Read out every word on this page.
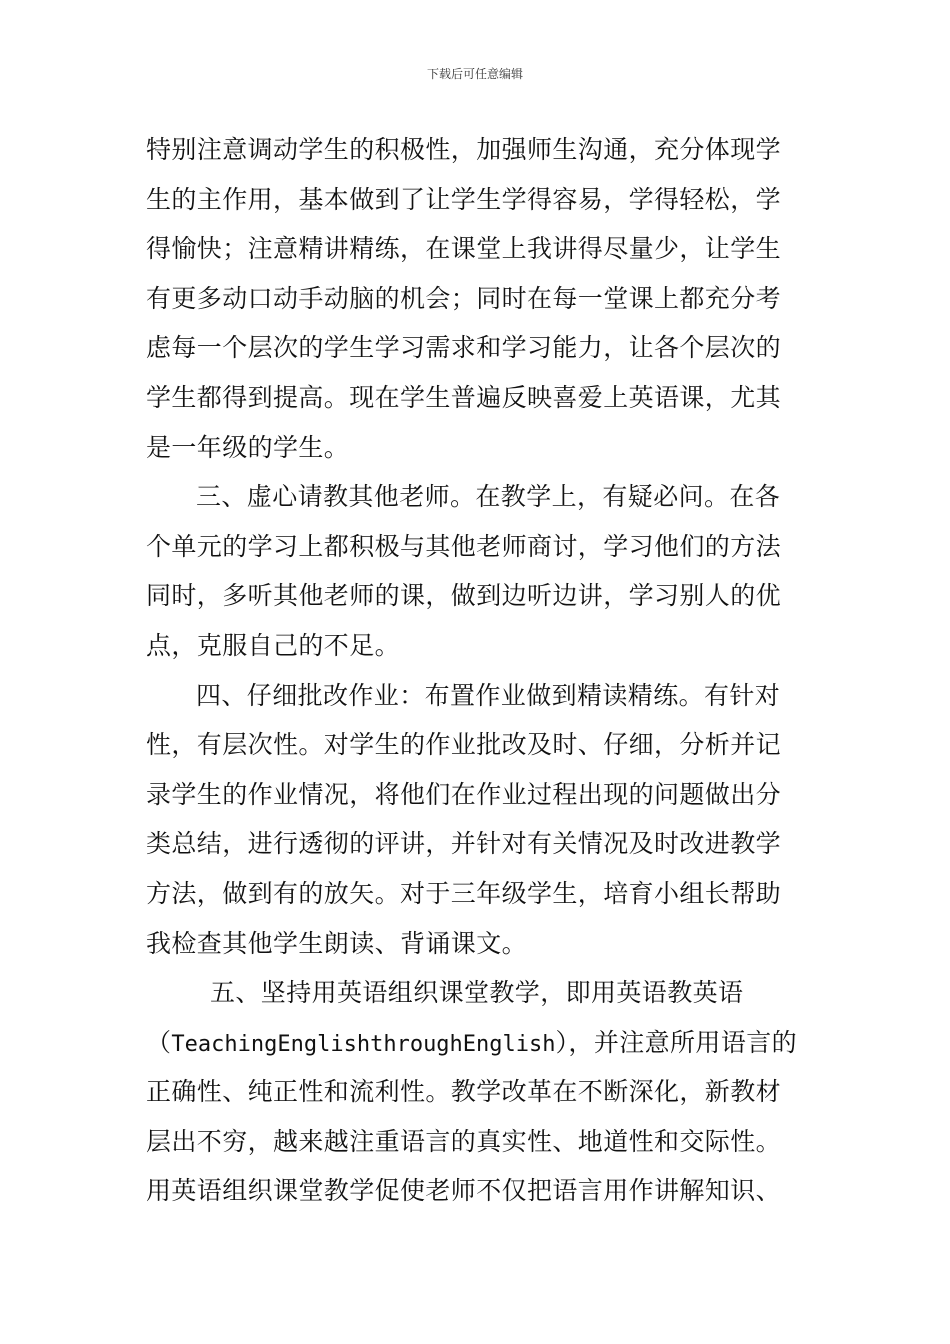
下载后可任意编辑
特别注意调动学生的积极性，加强师生沟通，充分体现学
生的主作用，基本做到了让学生学得容易，学得轻松，学
得愉快；注意精讲精练，在课堂上我讲得尽量少，让学生
有更多动口动手动脑的机会；同时在每一堂课上都充分考
虑每一个层次的学生学习需求和学习能力，让各个层次的
学生都得到提高。现在学生普遍反映喜爱上英语课，尤其
是一年级的学生。
三、虚心请教其他老师。在教学上，有疑必问。在各
个单元的学习上都积极与其他老师商讨，学习他们的方法
同时，多听其他老师的课，做到边听边讲，学习别人的优
点，克服自己的不足。
四、仔细批改作业：布置作业做到精读精练。有针对
性，有层次性。对学生的作业批改及时、仔细，分析并记
录学生的作业情况，将他们在作业过程出现的问题做出分
类总结，进行透彻的评讲，并针对有关情况及时改进教学
方法，做到有的放矢。对于三年级学生，培育小组长帮助
我检查其他学生朗读、背诵课文。
五、坚持用英语组织课堂教学，即用英语教英语
（TeachingEnglishthroughEnglish），并注意所用语言的
正确性、纯正性和流利性。教学改革在不断深化，新教材
层出不穷，越来越注重语言的真实性、地道性和交际性。
用英语组织课堂教学促使老师不仅把语言用作讲解知识、
